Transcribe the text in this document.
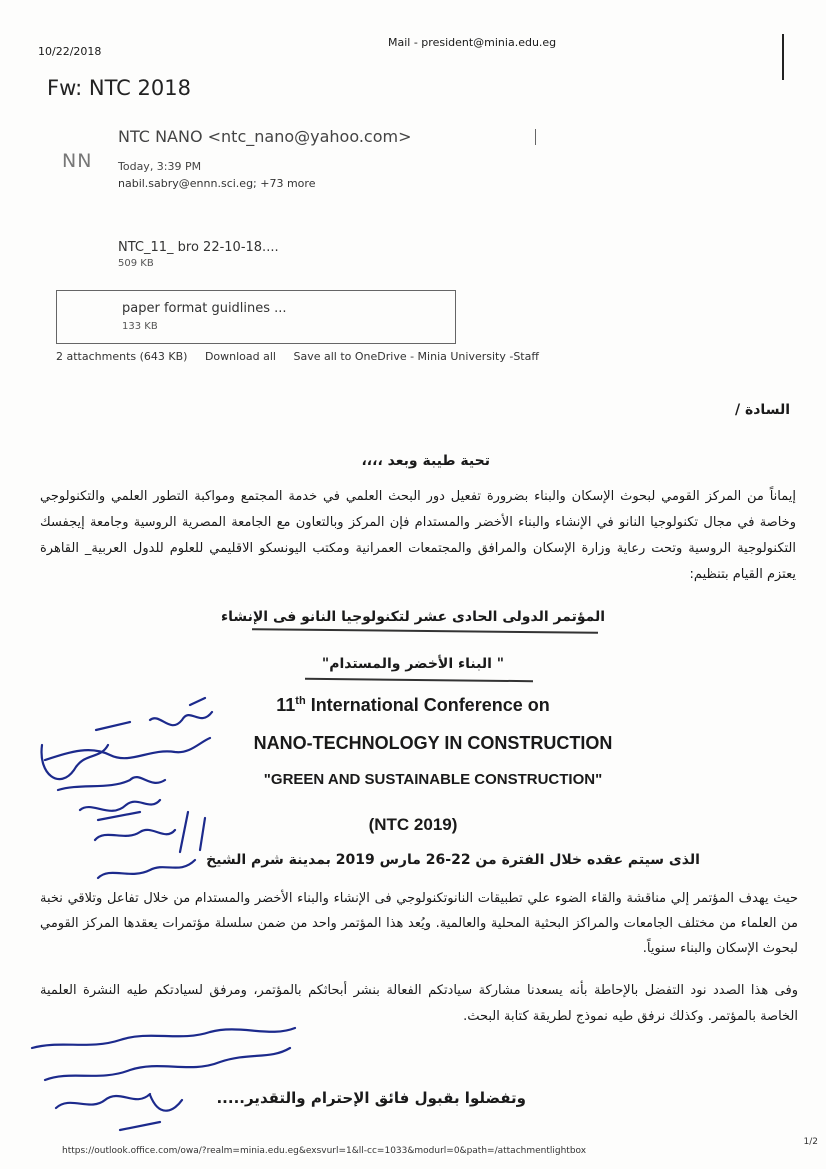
10/22/2018
Mail - president@minia.edu.eg
Fw: NTC 2018
NN
NTC NANO <ntc_nano@yahoo.com>
Today, 3:39 PM
nabil.sabry@ennn.sci.eg; +73 more
NTC_11_ bro 22-10-18....
509 KB
paper format guidlines ...
133 KB
2 attachments (643 KB) Download all Save all to OneDrive - Minia University -Staff
السادة /
تحية طيبة وبعد ،،،،
إيماناً من المركز القومي لبحوث الإسكان والبناء بضرورة تفعيل دور البحث العلمي في خدمة المجتمع ومواكبة التطور العلمي والتكنولوجي وخاصة في مجال تكنولوجيا النانو في الإنشاء والبناء الأخضر والمستدام فإن المركز وبالتعاون مع الجامعة المصرية الروسية وجامعة إيجفسك التكنولوجية الروسية وتحت رعاية وزارة الإسكان والمرافق والمجتمعات العمرانية ومكتب اليونسكو الاقليمي للعلوم للدول العربية_ القاهرة يعتزم القيام بتنظيم:
المؤتمر الدولى الحادى عشر لتكنولوجيا النانو فى الإنشاء
" البناء الأخضر والمستدام"
11th International Conference on
NANO-TECHNOLOGY IN CONSTRUCTION
"GREEN AND SUSTAINABLE CONSTRUCTION"
(NTC 2019)
الذى سيتم عقده خلال الفترة من 22-26 مارس 2019 بمدينة شرم الشيخ
حيث يهدف المؤتمر إلي مناقشة والقاء الضوء علي تطبيقات النانوتكنولوجي فى الإنشاء والبناء الأخضر والمستدام من خلال تفاعل وتلاقي نخبة من العلماء من مختلف الجامعات والمراكز البحثية المحلية والعالمية. ويُعد هذا المؤتمر واحد من ضمن سلسلة مؤتمرات يعقدها المركز القومي لبحوث الإسكان والبناء سنوياً.
وفى هذا الصدد نود التفضل بالإحاطة بأنه يسعدنا مشاركة سيادتكم الفعالة بنشر أبحاثكم بالمؤتمر، ومرفق لسيادتكم طيه النشرة العلمية الخاصة بالمؤتمر. وكذلك نرفق طيه نموذج لطريقة كتابة البحث.
وتفضلوا بقبول فائق الإحترام والتقدير.....
https://outlook.office.com/owa/?realm=minia.edu.eg&exsvurl=1&ll-cc=1033&modurl=0&path=/attachmentlightbox
1/2
